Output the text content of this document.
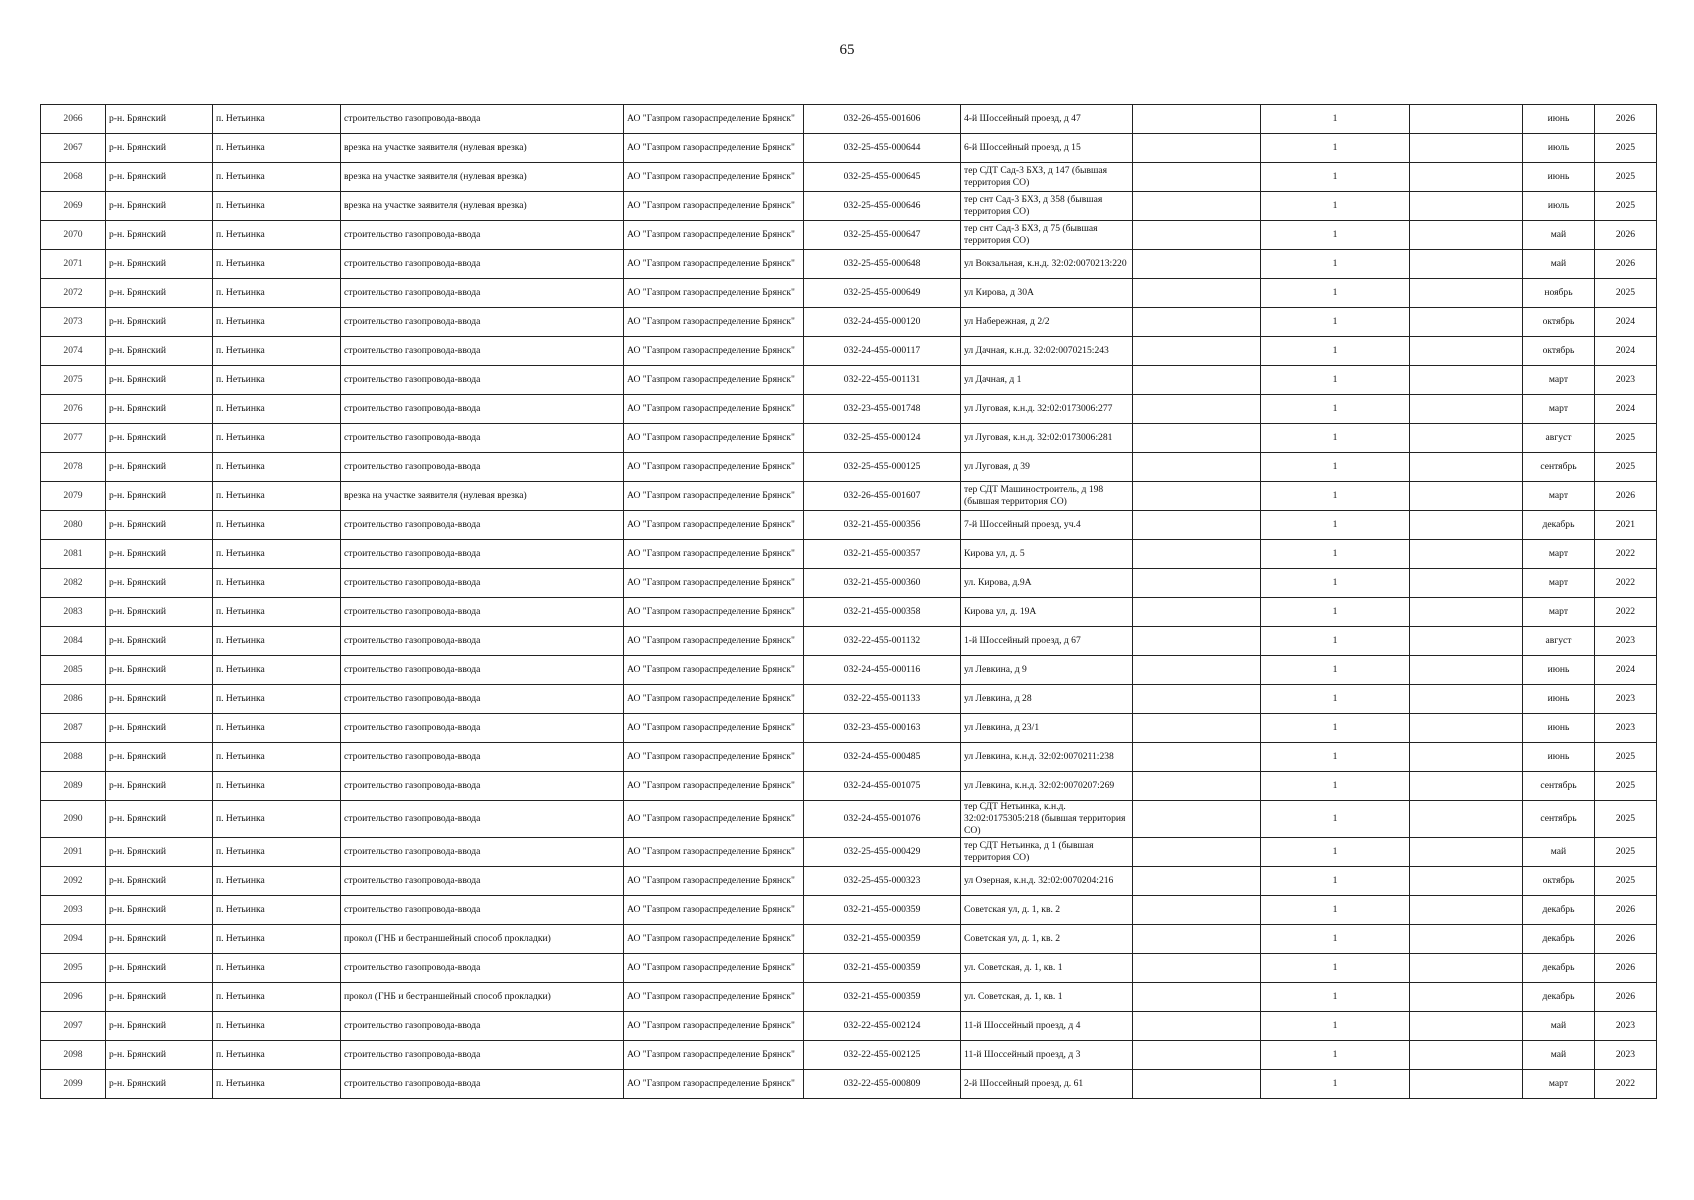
65
2066	р-н. Брянский	п. Нетьинка	строительство газопровода-ввода	АО "Газпром газораспределение Брянск"	032-26-455-001606	4-й Шоссейный проезд, д 47		1		июнь	2026
2067	р-н. Брянский	п. Нетьинка	врезка на участке заявителя (нулевая врезка)	АО "Газпром газораспределение Брянск"	032-25-455-000644	6-й Шоссейный проезд, д 15		1		июль	2025
2068	р-н. Брянский	п. Нетьинка	врезка на участке заявителя (нулевая врезка)	АО "Газпром газораспределение Брянск"	032-25-455-000645	тер СДТ Сад-3 БХЗ, д 147 (бывшая территория СО)		1		июнь	2025
2069	р-н. Брянский	п. Нетьинка	врезка на участке заявителя (нулевая врезка)	АО "Газпром газораспределение Брянск"	032-25-455-000646	тер снт Сад-3 БХЗ, д 358 (бывшая территория СО)		1		июль	2025
2070	р-н. Брянский	п. Нетьинка	строительство газопровода-ввода	АО "Газпром газораспределение Брянск"	032-25-455-000647	тер снт Сад-3 БХЗ, д 75 (бывшая территория СО)		1		май	2026
2071	р-н. Брянский	п. Нетьинка	строительство газопровода-ввода	АО "Газпром газораспределение Брянск"	032-25-455-000648	ул Вокзальная, к.н.д. 32:02:0070213:220		1		май	2026
2072	р-н. Брянский	п. Нетьинка	строительство газопровода-ввода	АО "Газпром газораспределение Брянск"	032-25-455-000649	ул Кирова, д 30А		1		ноябрь	2025
2073	р-н. Брянский	п. Нетьинка	строительство газопровода-ввода	АО "Газпром газораспределение Брянск"	032-24-455-000120	ул Набережная, д 2/2		1		октябрь	2024
2074	р-н. Брянский	п. Нетьинка	строительство газопровода-ввода	АО "Газпром газораспределение Брянск"	032-24-455-000117	ул Дачная, к.н.д. 32:02:0070215:243		1		октябрь	2024
2075	р-н. Брянский	п. Нетьинка	строительство газопровода-ввода	АО "Газпром газораспределение Брянск"	032-22-455-001131	ул Дачная, д 1		1		март	2023
2076	р-н. Брянский	п. Нетьинка	строительство газопровода-ввода	АО "Газпром газораспределение Брянск"	032-23-455-001748	ул Луговая, к.н.д. 32:02:0173006:277		1		март	2024
2077	р-н. Брянский	п. Нетьинка	строительство газопровода-ввода	АО "Газпром газораспределение Брянск"	032-25-455-000124	ул Луговая, к.н.д. 32:02:0173006:281		1		август	2025
2078	р-н. Брянский	п. Нетьинка	строительство газопровода-ввода	АО "Газпром газораспределение Брянск"	032-25-455-000125	ул Луговая, д 39		1		сентябрь	2025
2079	р-н. Брянский	п. Нетьинка	врезка на участке заявителя (нулевая врезка)	АО "Газпром газораспределение Брянск"	032-26-455-001607	тер СДТ Машиностроитель, д 198 (бывшая территория СО)		1		март	2026
2080	р-н. Брянский	п. Нетьинка	строительство газопровода-ввода	АО "Газпром газораспределение Брянск"	032-21-455-000356	7-й Шоссейный проезд, уч.4		1		декабрь	2021
2081	р-н. Брянский	п. Нетьинка	строительство газопровода-ввода	АО "Газпром газораспределение Брянск"	032-21-455-000357	Кирова ул, д. 5		1		март	2022
2082	р-н. Брянский	п. Нетьинка	строительство газопровода-ввода	АО "Газпром газораспределение Брянск"	032-21-455-000360	ул. Кирова, д.9А		1		март	2022
2083	р-н. Брянский	п. Нетьинка	строительство газопровода-ввода	АО "Газпром газораспределение Брянск"	032-21-455-000358	Кирова ул, д. 19А		1		март	2022
2084	р-н. Брянский	п. Нетьинка	строительство газопровода-ввода	АО "Газпром газораспределение Брянск"	032-22-455-001132	1-й Шоссейный проезд, д 67		1		август	2023
2085	р-н. Брянский	п. Нетьинка	строительство газопровода-ввода	АО "Газпром газораспределение Брянск"	032-24-455-000116	ул Левкина, д 9		1		июнь	2024
2086	р-н. Брянский	п. Нетьинка	строительство газопровода-ввода	АО "Газпром газораспределение Брянск"	032-22-455-001133	ул Левкина, д 28		1		июнь	2023
2087	р-н. Брянский	п. Нетьинка	строительство газопровода-ввода	АО "Газпром газораспределение Брянск"	032-23-455-000163	ул Левкина, д 23/1		1		июнь	2023
2088	р-н. Брянский	п. Нетьинка	строительство газопровода-ввода	АО "Газпром газораспределение Брянск"	032-24-455-000485	ул Левкина, к.н.д. 32:02:0070211:238		1		июнь	2025
2089	р-н. Брянский	п. Нетьинка	строительство газопровода-ввода	АО "Газпром газораспределение Брянск"	032-24-455-001075	ул Левкина, к.н.д. 32:02:0070207:269		1		сентябрь	2025
2090	р-н. Брянский	п. Нетьинка	строительство газопровода-ввода	АО "Газпром газораспределение Брянск"	032-24-455-001076	тер СДТ Нетьинка, к.н.д. 32:02:0175305:218 (бывшая территория СО)		1		сентябрь	2025
2091	р-н. Брянский	п. Нетьинка	строительство газопровода-ввода	АО "Газпром газораспределение Брянск"	032-25-455-000429	тер СДТ Нетьинка, д 1 (бывшая территория СО)		1		май	2025
2092	р-н. Брянский	п. Нетьинка	строительство газопровода-ввода	АО "Газпром газораспределение Брянск"	032-25-455-000323	ул Озерная, к.н.д. 32:02:0070204:216		1		октябрь	2025
2093	р-н. Брянский	п. Нетьинка	строительство газопровода-ввода	АО "Газпром газораспределение Брянск"	032-21-455-000359	Советская ул, д. 1, кв. 2		1		декабрь	2026
2094	р-н. Брянский	п. Нетьинка	прокол (ГНБ и бестраншейный способ прокладки)	АО "Газпром газораспределение Брянск"	032-21-455-000359	Советская ул, д. 1, кв. 2		1		декабрь	2026
2095	р-н. Брянский	п. Нетьинка	строительство газопровода-ввода	АО "Газпром газораспределение Брянск"	032-21-455-000359	ул. Советская, д. 1, кв. 1		1		декабрь	2026
2096	р-н. Брянский	п. Нетьинка	прокол (ГНБ и бестраншейный способ прокладки)	АО "Газпром газораспределение Брянск"	032-21-455-000359	ул. Советская, д. 1, кв. 1		1		декабрь	2026
2097	р-н. Брянский	п. Нетьинка	строительство газопровода-ввода	АО "Газпром газораспределение Брянск"	032-22-455-002124	11-й Шоссейный проезд, д 4		1		май	2023
2098	р-н. Брянский	п. Нетьинка	строительство газопровода-ввода	АО "Газпром газораспределение Брянск"	032-22-455-002125	11-й Шоссейный проезд, д 3		1		май	2023
2099	р-н. Брянский	п. Нетьинка	строительство газопровода-ввода	АО "Газпром газораспределение Брянск"	032-22-455-000809	2-й Шоссейный проезд, д. 61		1		март	2022
